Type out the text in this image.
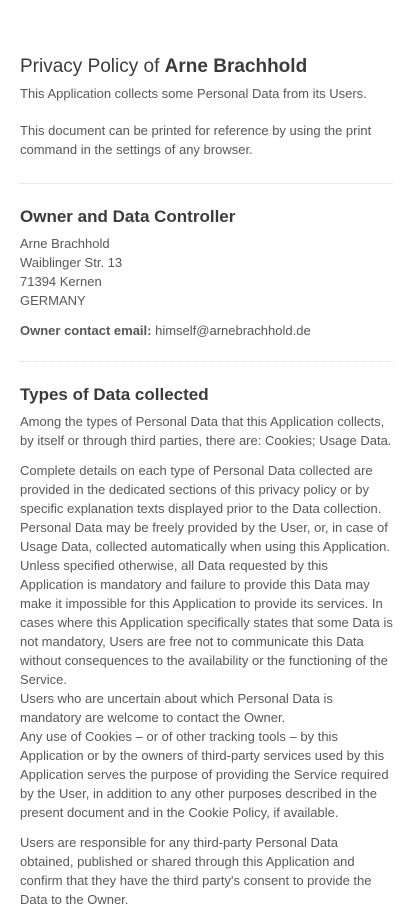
Privacy Policy of Arne Brachhold

This Application collects some Personal Data from its Users.

This document can be printed for reference by using the print command in the settings of any browser.

Owner and Data Controller
Arne Brachhold
Waiblinger Str. 13
71394 Kernen
GERMANY
Owner contact email: himself@arnebrachhold.de
Types of Data collected

Among the types of Personal Data that this Application collects, by itself or through third parties, there are: Cookies; Usage Data.

Complete details on each type of Personal Data collected are provided in the dedicated sections of this privacy policy or by specific explanation texts displayed prior to the Data collection.

Personal Data may be freely provided by the User, or, in case of Usage Data, collected automatically when using this Application.

Unless specified otherwise, all Data requested by this Application is mandatory and failure to provide this Data may make it impossible for this Application to provide its services. In cases where this Application specifically states that some Data is not mandatory, Users are free not to communicate this Data without consequences to the availability or the functioning of the Service.

Users who are uncertain about which Personal Data is mandatory are welcome to contact the Owner.

Any use of Cookies – or of other tracking tools – by this Application or by the owners of third-party services used by this Application serves the purpose of providing the Service required by the User, in addition to any other purposes described in the present document and in the Cookie Policy, if available.

Users are responsible for any third-party Personal Data obtained, published or shared through this Application and confirm that they have the third party's consent to provide the Data to the Owner.
